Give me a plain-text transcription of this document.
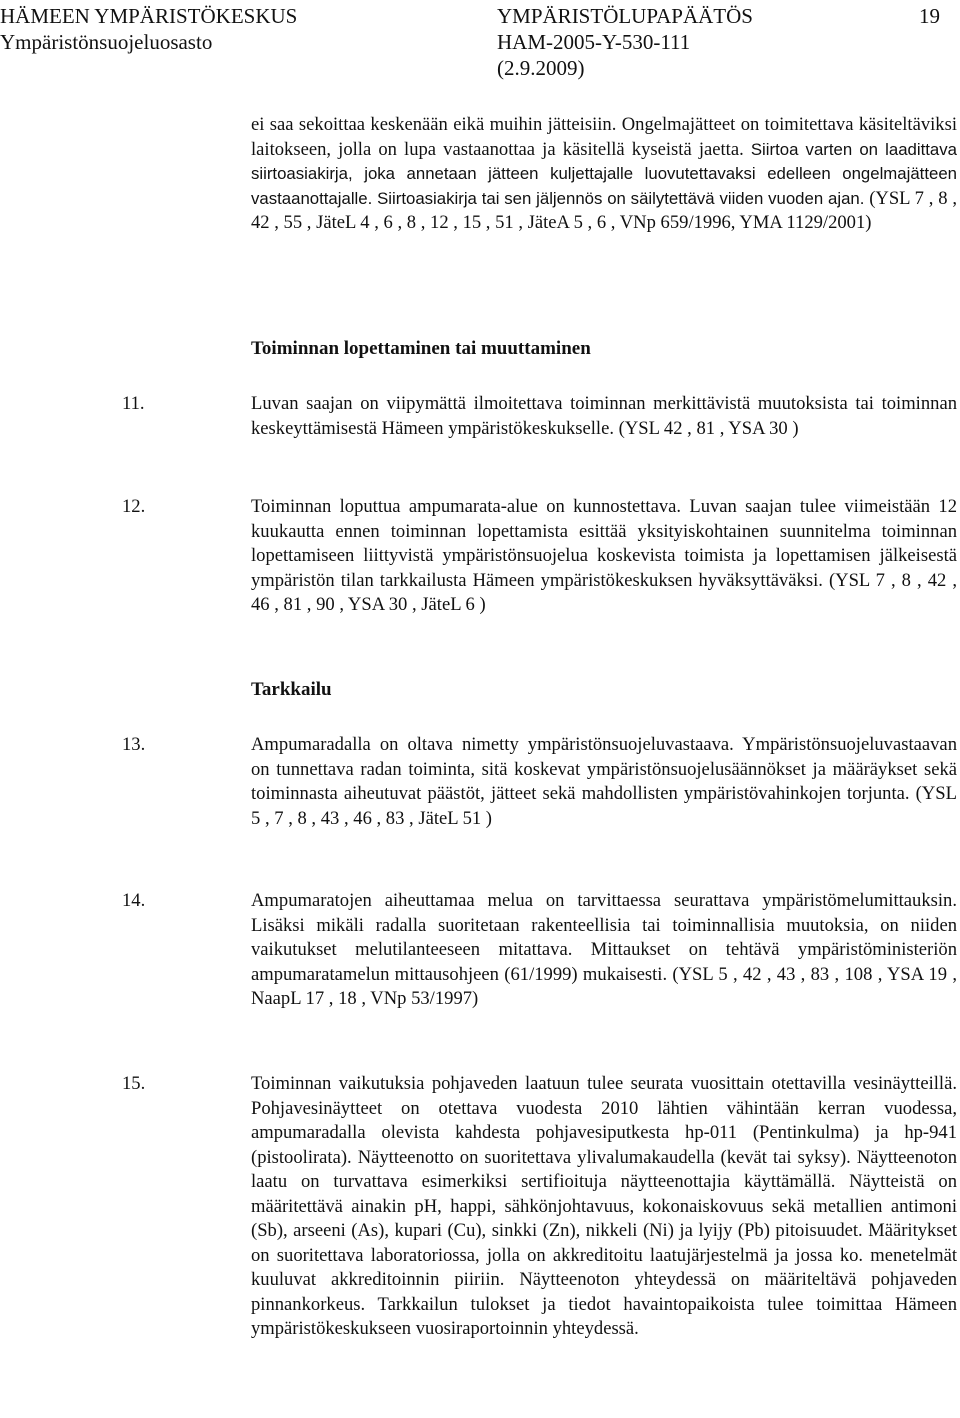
HÄMEEN YMPÄRISTÖKESKUS
Ympäristönsuojeluosasto
YMPÄRISTÖLUPAPÄÄTÖS
HAM-2005-Y-530-111
(2.9.2009)
19
ei saa sekoittaa keskenään eikä muihin jätteisiin. Ongelmajätteet on toimitettava käsiteltäviksi laitokseen, jolla on lupa vastaanottaa ja käsitellä kyseistä jaetta. Siirtoa varten on laadittava siirtoasiakirja, joka annetaan jätteen kuljettajalle luovutettavaksi edelleen ongelmajätteen vastaanottajalle. Siirtoasiakirja tai sen jäljennös on säilytettävä viiden vuoden ajan. (YSL 7 , 8 , 42 , 55 , JäteL 4 , 6 , 8 , 12 , 15 , 51 , JäteA 5 , 6 , VNp 659/1996, YMA 1129/2001)
Toiminnan lopettaminen tai muuttaminen
11.	Luvan saajan on viipymättä ilmoitettava toiminnan merkittävistä muutoksista tai toiminnan keskeyttämisestä Hämeen ympäristökeskukselle. (YSL 42 , 81 , YSA 30 )
12.	Toiminnan loputtua ampumarata-alue on kunnostettava. Luvan saajan tulee viimeistään 12 kuukautta ennen toiminnan lopettamista esittää yksityiskohtainen suunnitelma toiminnan lopettamiseen liittyvistä ympäristönsuojelua koskevista toimista ja lopettamisen jälkeisestä ympäristön tilan tarkkailusta Hämeen ympäristökeskuksen hyväksyttäväksi. (YSL 7 , 8 , 42 , 46 , 81 , 90 , YSA 30 , JäteL 6 )
Tarkkailu
13.	Ampumaradalla on oltava nimetty ympäristönsuojeluvastaava. Ympäristönsuojeluvastaavan on tunnettava radan toiminta, sitä koskevat ympäristönsuojelusäännökset ja määräykset sekä toiminnasta aiheutuvat päästöt, jätteet sekä mahdollisten ympäristövahinkojen torjunta. (YSL 5 , 7 , 8 , 43 , 46 , 83 , JäteL 51 )
14.	Ampumaratojen aiheuttamaa melua on tarvittaessa seurattava ympäristömelumittauksin. Lisäksi mikäli radalla suoritetaan rakenteellisia tai toiminnallisia muutoksia, on niiden vaikutukset melutilanteeseen mitattava. Mittaukset on tehtävä ympäristöministeriön ampumaratamelun mittausohjeen (61/1999) mukaisesti. (YSL 5 , 42 , 43 , 83 , 108 , YSA 19 , NaapL 17 , 18 , VNp 53/1997)
15.	Toiminnan vaikutuksia pohjaveden laatuun tulee seurata vuosittain otettavilla vesinäytteillä. Pohjavesinäytteet on otettava vuodesta 2010 lähtien vähintään kerran vuodessa, ampumaradalla olevista kahdesta pohjavesiputkesta hp-011 (Pentinkulma) ja hp-941 (pistoolirata). Näytteenotto on suoritettava ylivalumakaudella (kevät tai syksy). Näytteenoton laatu on turvattava esimerkiksi sertifioituja näytteenottajia käyttämällä. Näytteistä on määritettävä ainakin pH, happi, sähkönjohtavuus, kokonaiskovuus sekä metallien antimoni (Sb), arseeni (As), kupari (Cu), sinkki (Zn), nikkeli (Ni) ja lyijy (Pb) pitoisuudet. Määritykset on suoritettava laboratoriossa, jolla on akkreditoitu laatujärjestelmä ja jossa ko. menetelmät kuuluvat akkreditoinnin piiriin. Näytteenoton yhteydessä on määriteltävä pohjaveden pinnankorkeus. Tarkkailun tulokset ja tiedot havaintopaikoista tulee toimittaa Hämeen ympäristökeskukseen vuosiraportoinnin yhteydessä.
